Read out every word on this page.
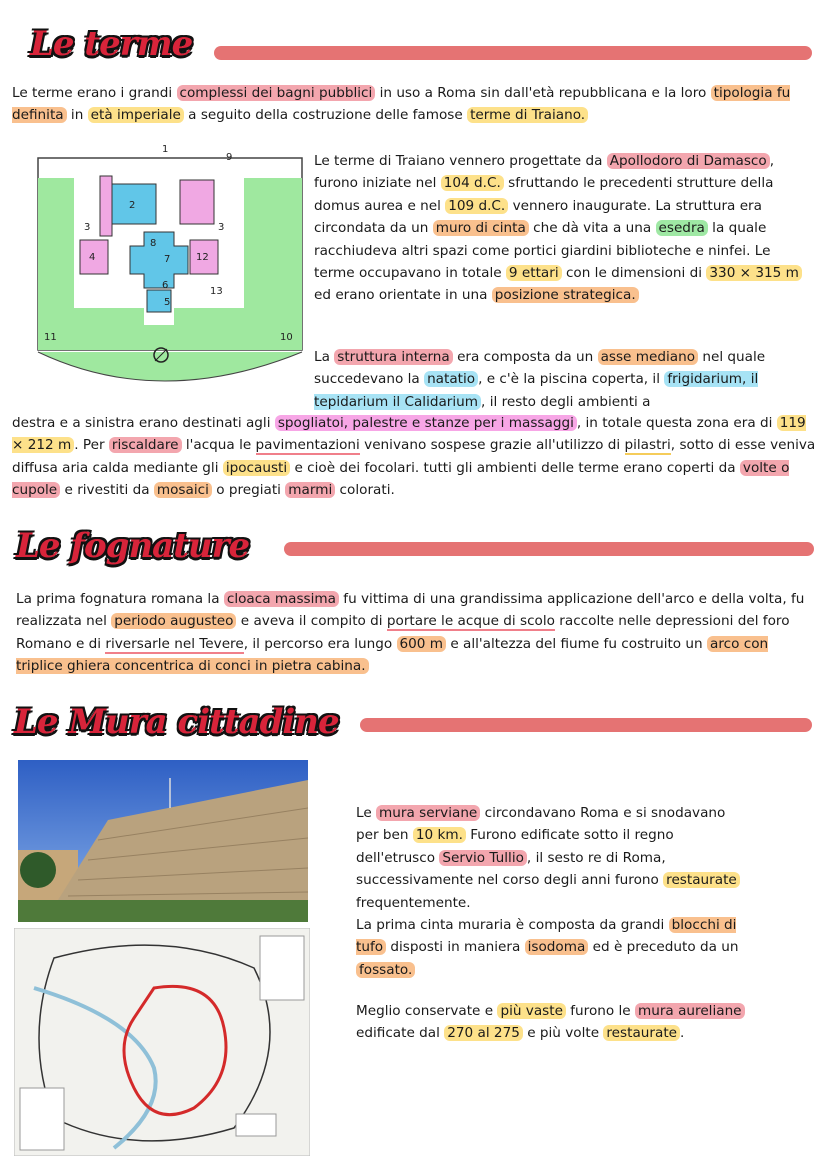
Le terme

Le terme erano i grandi complessi dei bagni pubblici in uso a Roma sin dall'età repubblicana e la loro tipologia fu definita in età imperiale a seguito della costruzione delle famose terme di Traiano.

1
2
3	3
4
5
6
7
8
9
10
11
12
13

Le terme di Traiano vennero progettate da Apollodoro di Damasco , furono iniziate nel 104 d.C. sfruttando le precedenti strutture della domus aurea e nel 109 d.C. vennero inaugurate. La struttura era circondata da un muro di cinta che dà vita a una esedra la quale racchiudeva altri spazi come portici giardini biblioteche e ninfei. Le terme occupavano in totale 9 ettari con le dimensioni di 330 × 315 m ed erano orientate in una posizione strategica.

La struttura interna era composta da un asse mediano nel quale succedevano la natatio , e c'è la piscina coperta, il frigidarium, il tepidarium il Calidarium , il resto degli ambienti a

destra e a sinistra erano destinati agli spogliatoi, palestre e stanze per i massaggi , in totale questa zona era di 119 × 212 m . Per riscaldare l'acqua le pavimentazioni venivano sospese grazie all'utilizzo di pilastri, sotto di esse veniva diffusa aria calda mediante gli ipocausti e cioè dei focolari. tutti gli ambienti delle terme erano coperti da volte o cupole e rivestiti da mosaici o pregiati marmi colorati.

Le fognature

La prima fognatura romana la cloaca massima fu vittima di una grandissima applicazione dell'arco e della volta, fu realizzata nel periodo augusteo e aveva il compito di portare le acque di scolo raccolte nelle depressioni del foro Romano e di riversarle nel Tevere, il percorso era lungo 600 m e all'altezza del fiume fu costruito un arco con triplice ghiera concentrica di conci in pietra cabina.

Le Mura cittadine

Le mura serviane circondavano Roma e si snodavano per ben 10 km. Furono edificate sotto il regno dell'etrusco Servio Tullio , il sesto re di Roma, successivamente nel corso degli anni furono restaurate frequentemente.

La prima cinta muraria è composta da grandi blocchi di tufo disposti in maniera isodoma ed è preceduto da un fossato.

Meglio conservate e più vaste furono le mura aureliane edificate dal 270 al 275 e più volte restaurate .
